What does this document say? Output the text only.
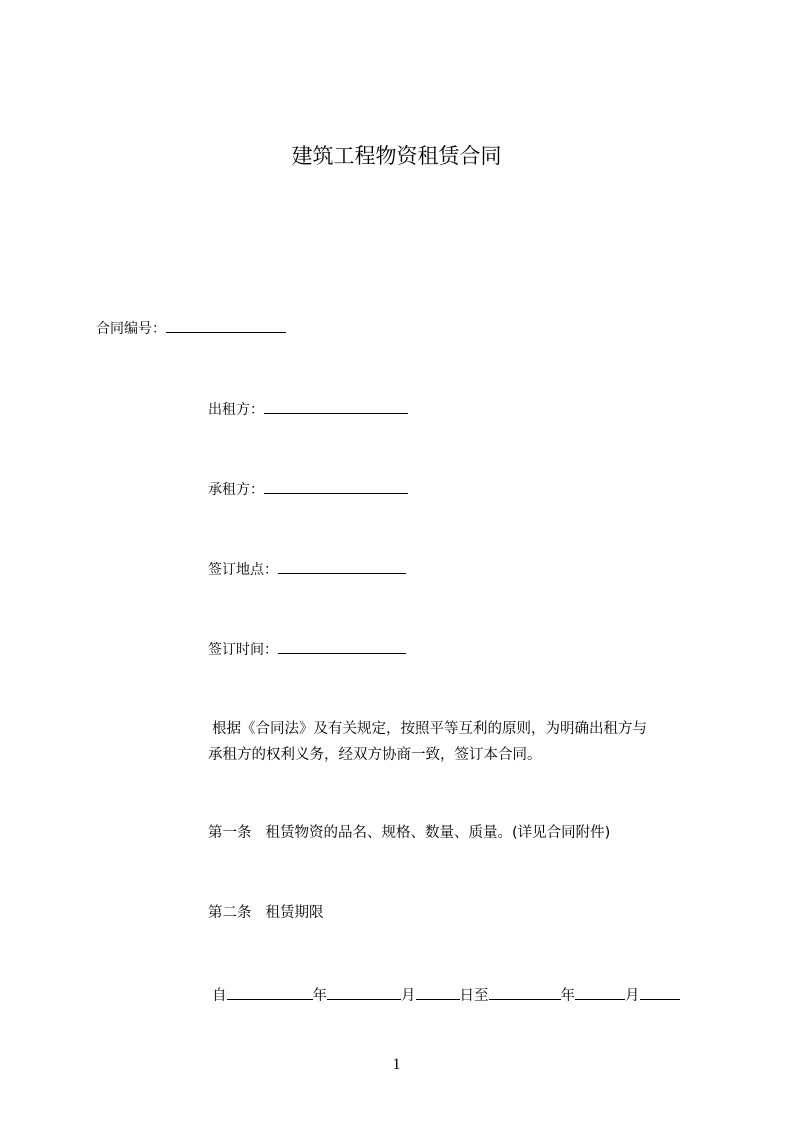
建筑工程物资租赁合同
合同编号：
出租方：
承租方：
签订地点：
签订时间：
根据《合同法》及有关规定，按照平等互利的原则，为明确出租方与
承租方的权利义务，经双方协商一致，签订本合同。
第一条 租赁物资的品名、规格、数量、质量。(详见合同附件)
第二条 租赁期限
自	年	月	日至	年	月
1
